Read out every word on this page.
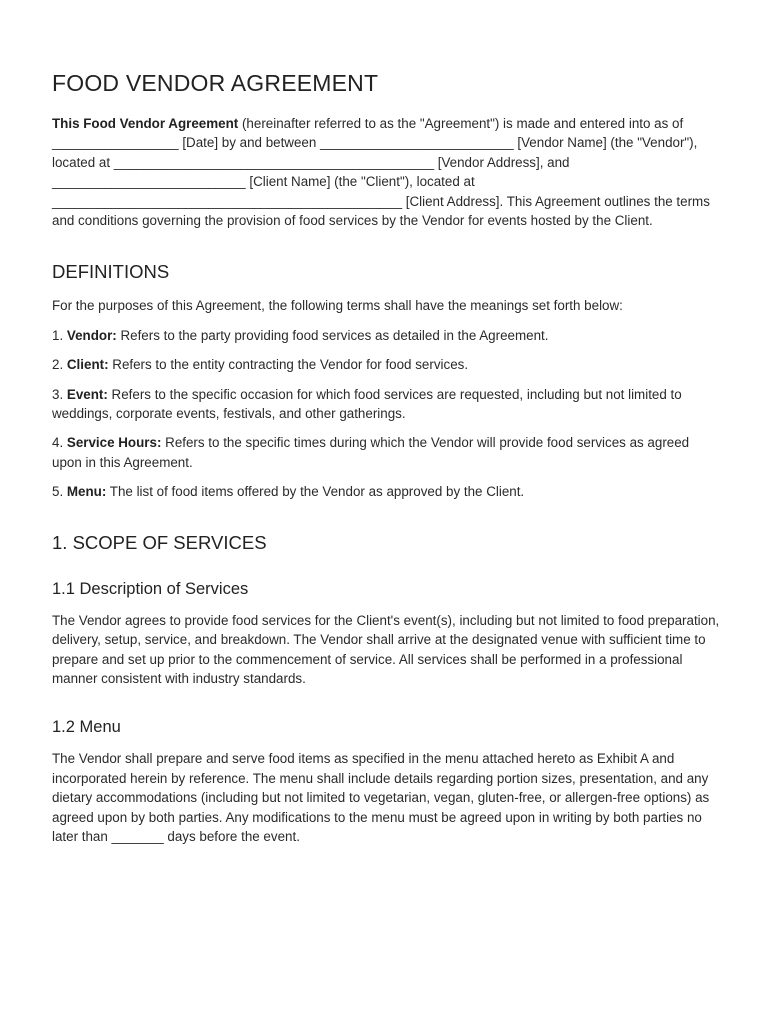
FOOD VENDOR AGREEMENT

This Food Vendor Agreement (hereinafter referred to as the "Agreement") is made and entered into as of _________________ [Date] by and between __________________________ [Vendor Name] (the "Vendor"), located at ___________________________________________ [Vendor Address], and __________________________ [Client Name] (the "Client"), located at _______________________________________________ [Client Address]. This Agreement outlines the terms and conditions governing the provision of food services by the Vendor for events hosted by the Client.

DEFINITIONS

For the purposes of this Agreement, the following terms shall have the meanings set forth below:

1. Vendor: Refers to the party providing food services as detailed in the Agreement.

2. Client: Refers to the entity contracting the Vendor for food services.

3. Event: Refers to the specific occasion for which food services are requested, including but not limited to weddings, corporate events, festivals, and other gatherings.

4. Service Hours: Refers to the specific times during which the Vendor will provide food services as agreed upon in this Agreement.

5. Menu: The list of food items offered by the Vendor as approved by the Client.

1. SCOPE OF SERVICES
1.1 Description of Services

The Vendor agrees to provide food services for the Client's event(s), including but not limited to food preparation, delivery, setup, service, and breakdown. The Vendor shall arrive at the designated venue with sufficient time to prepare and set up prior to the commencement of service. All services shall be performed in a professional manner consistent with industry standards.

1.2 Menu

The Vendor shall prepare and serve food items as specified in the menu attached hereto as Exhibit A and incorporated herein by reference. The menu shall include details regarding portion sizes, presentation, and any dietary accommodations (including but not limited to vegetarian, vegan, gluten-free, or allergen-free options) as agreed upon by both parties. Any modifications to the menu must be agreed upon in writing by both parties no later than _______ days before the event.
